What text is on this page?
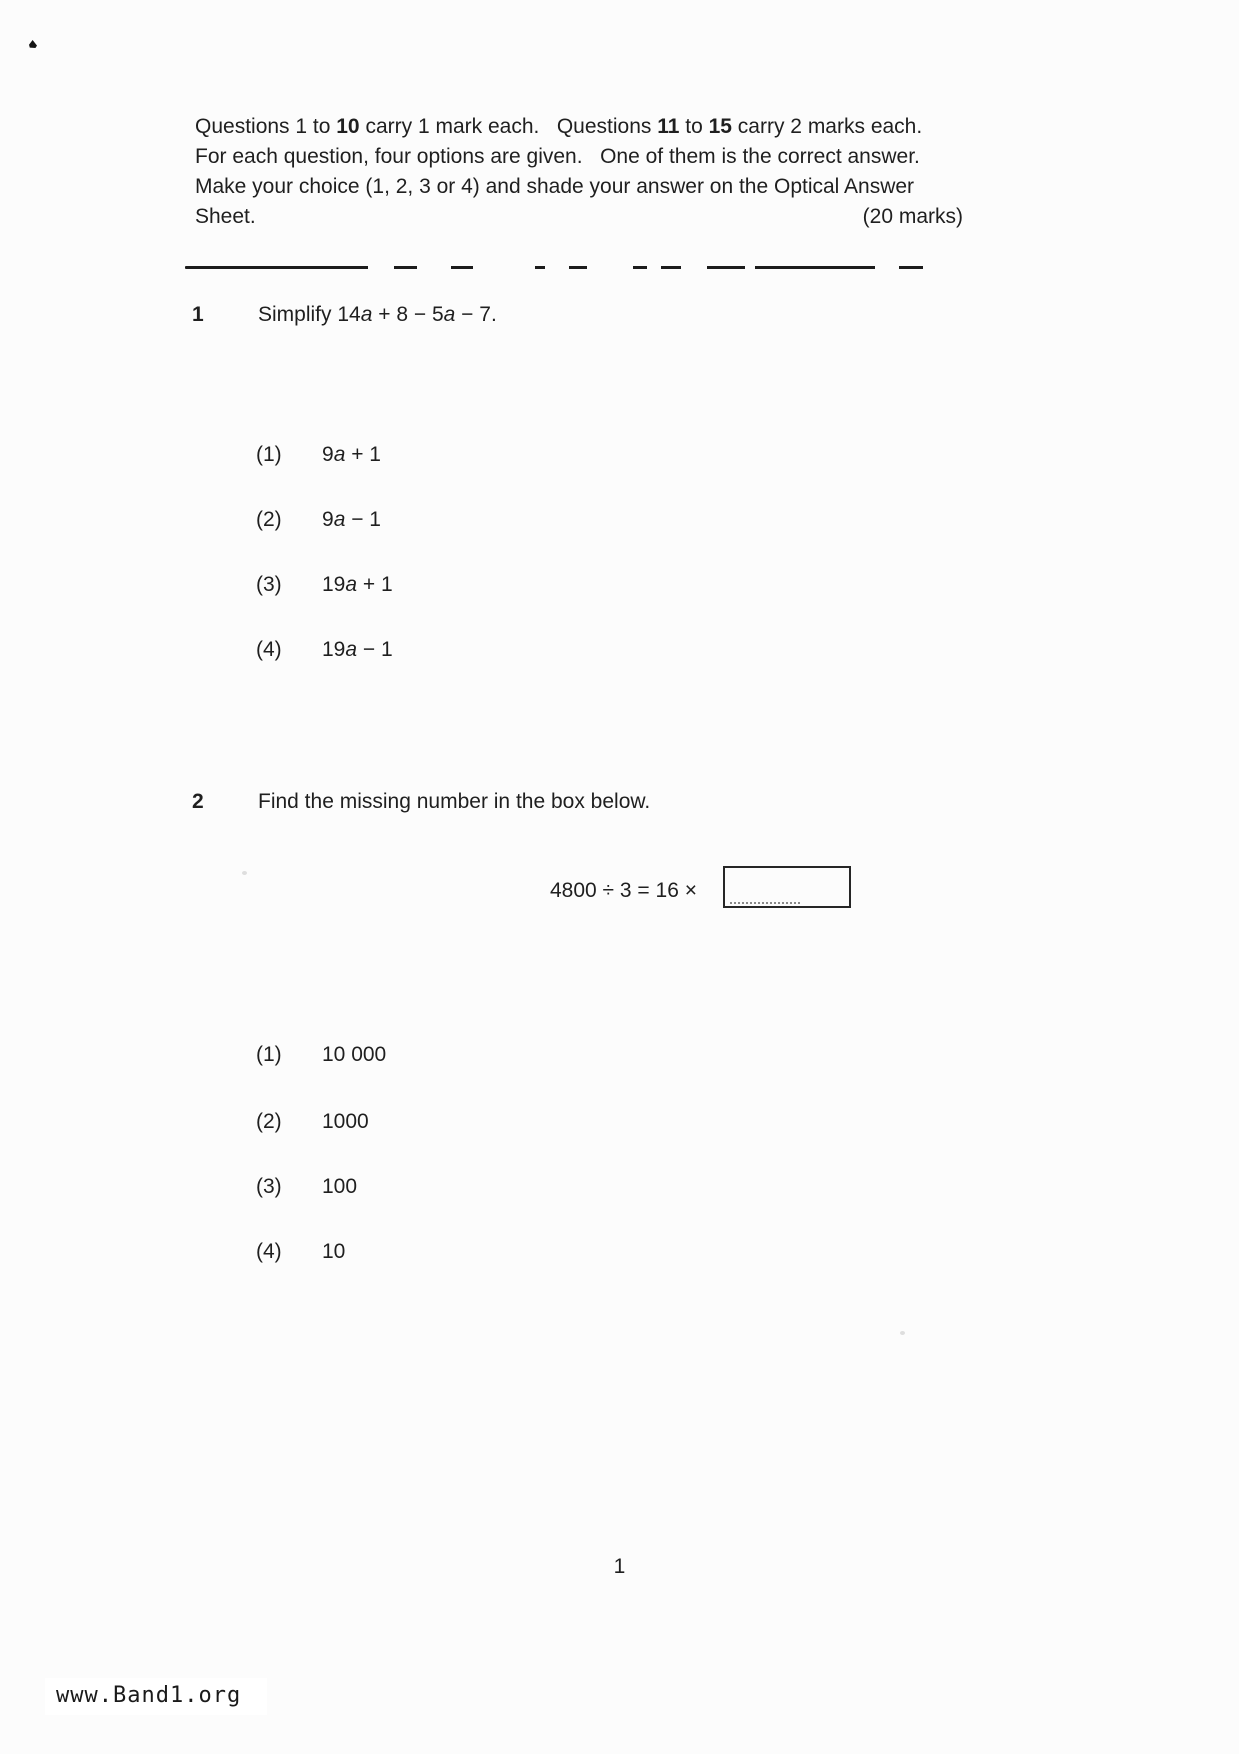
Questions 1 to 10 carry 1 mark each.   Questions 11 to 15 carry 2 marks each.

For each question, four options are given.   One of them is the correct answer.

Make your choice (1, 2, 3 or 4) and shade your answer on the Optical Answer

Sheet.	(20 marks)
1	Simplify 14a + 8 − 5a − 7.
(1)	9a + 1
(2)	9a − 1
(3)	19a + 1
(4)	19a − 1
2	Find the missing number in the box below.
4800 ÷ 3 = 16 ×
(1)	10 000
(2)	1000
(3)	100
(4)	10
1
www.Band1.org
